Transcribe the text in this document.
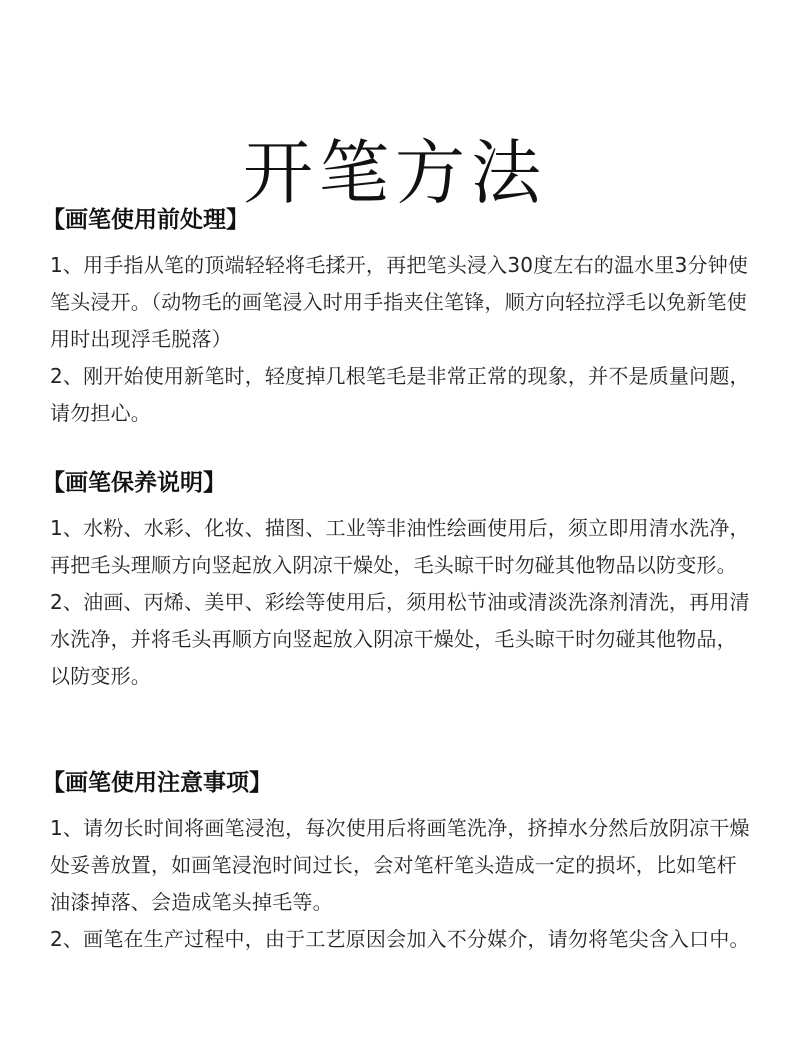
开笔方法
【画笔使用前处理】

1、用手指从笔的顶端轻轻将毛揉开，再把笔头浸入30度左右的温水里3分钟使笔头浸开。（动物毛的画笔浸入时用手指夹住笔锋，顺方向轻拉浮毛以免新笔使用时出现浮毛脱落）

2、刚开始使用新笔时，轻度掉几根笔毛是非常正常的现象，并不是质量问题，请勿担心。

【画笔保养说明】

1、水粉、水彩、化妆、描图、工业等非油性绘画使用后，须立即用清水洗净，再把毛头理顺方向竖起放入阴凉干燥处，毛头晾干时勿碰其他物品以防变形。

2、油画、丙烯、美甲、彩绘等使用后，须用松节油或清淡洗涤剂清洗，再用清水洗净，并将毛头再顺方向竖起放入阴凉干燥处，毛头晾干时勿碰其他物品，以防变形。

【画笔使用注意事项】

1、请勿长时间将画笔浸泡，每次使用后将画笔洗净，挤掉水分然后放阴凉干燥处妥善放置，如画笔浸泡时间过长，会对笔杆笔头造成一定的损坏，比如笔杆油漆掉落、会造成笔头掉毛等。

2、画笔在生产过程中，由于工艺原因会加入不分媒介，请勿将笔尖含入口中。
